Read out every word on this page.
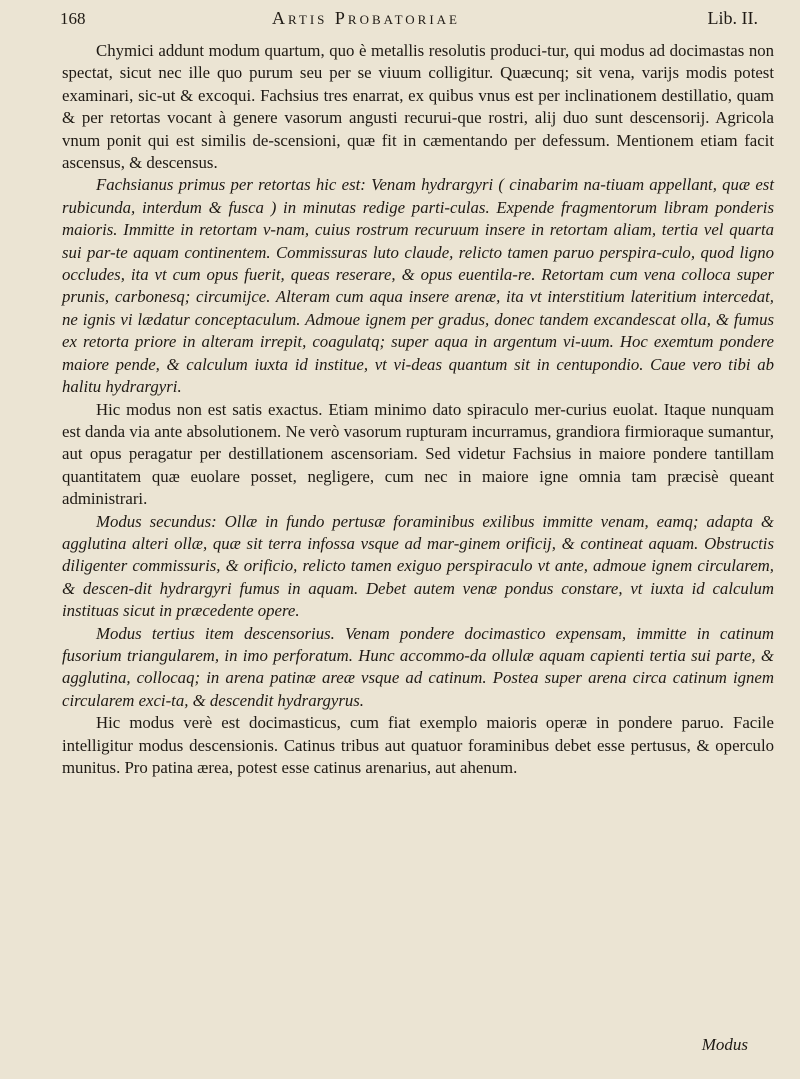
168	Artis Probatoriae	Lib. II.

Chymici addunt modum quartum, quo è metallis resolutis produci-tur, qui modus ad docimastas non spectat, sicut nec ille quo purum seu per se viuum colligitur. Quæcunq; sit vena, varijs modis potest examinari, sic-ut & excoqui. Fachsius tres enarrat, ex quibus vnus est per inclinationem destillatio, quam & per retortas vocant à genere vasorum angusti recurui-que rostri, alij duo sunt descensorij. Agricola vnum ponit qui est similis de-scensioni, quæ fit in cæmentando per defessum. Mentionem etiam facit ascensus, & descensus.

Fachsianus primus per retortas hic est: Venam hydrargyri ( cinabarim na-tiuam appellant, quæ est rubicunda, interdum & fusca ) in minutas redige parti-culas. Expende fragmentorum libram ponderis maioris. Immitte in retortam v-nam, cuius rostrum recuruum insere in retortam aliam, tertia vel quarta sui par-te aquam continentem. Commissuras luto claude, relicto tamen paruo perspira-culo, quod ligno occludes, ita vt cum opus fuerit, queas reserare, & opus euentila-re. Retortam cum vena colloca super prunis, carbonesq; circumijce. Alteram cum aqua insere arenæ, ita vt interstitium lateritium intercedat, ne ignis vi lædatur conceptaculum. Admoue ignem per gradus, donec tandem excandescat olla, & fumus ex retorta priore in alteram irrepit, coagulatq; super aqua in argentum vi-uum. Hoc exemtum pondere maiore pende, & calculum iuxta id institue, vt vi-deas quantum sit in centupondio. Caue vero tibi ab halitu hydrargyri.

Hic modus non est satis exactus. Etiam minimo dato spiraculo mer-curius euolat. Itaque nunquam est danda via ante absolutionem. Ne verò vasorum rupturam incurramus, grandiora firmioraque sumantur, aut opus peragatur per destillationem ascensoriam. Sed videtur Fachsius in maiore pondere tantillam quantitatem quæ euolare posset, negligere, cum nec in maiore igne omnia tam præcisè queant administrari.

Modus secundus: Ollæ in fundo pertusæ foraminibus exilibus immitte venam, eamq; adapta & agglutina alteri ollæ, quæ sit terra infossa vsque ad mar-ginem orificij, & contineat aquam. Obstructis diligenter commissuris, & orificio, relicto tamen exiguo perspiraculo vt ante, admoue ignem circularem, & descen-dit hydrargyri fumus in aquam. Debet autem venæ pondus constare, vt iuxta id calculum instituas sicut in præcedente opere.

Modus tertius item descensorius. Venam pondere docimastico expensam, immitte in catinum fusorium triangularem, in imo perforatum. Hunc accommo-da ollulæ aquam capienti tertia sui parte, & agglutina, collocaq; in arena patinæ areæ vsque ad catinum. Postea super arena circa catinum ignem circularem exci-ta, & descendit hydrargyrus.

Hic modus verè est docimasticus, cum fiat exemplo maioris operæ in pondere paruo. Facile intelligitur modus descensionis. Catinus tribus aut quatuor foraminibus debet esse pertusus, & operculo munitus. Pro patina ærea, potest esse catinus arenarius, aut ahenum.

Modus
